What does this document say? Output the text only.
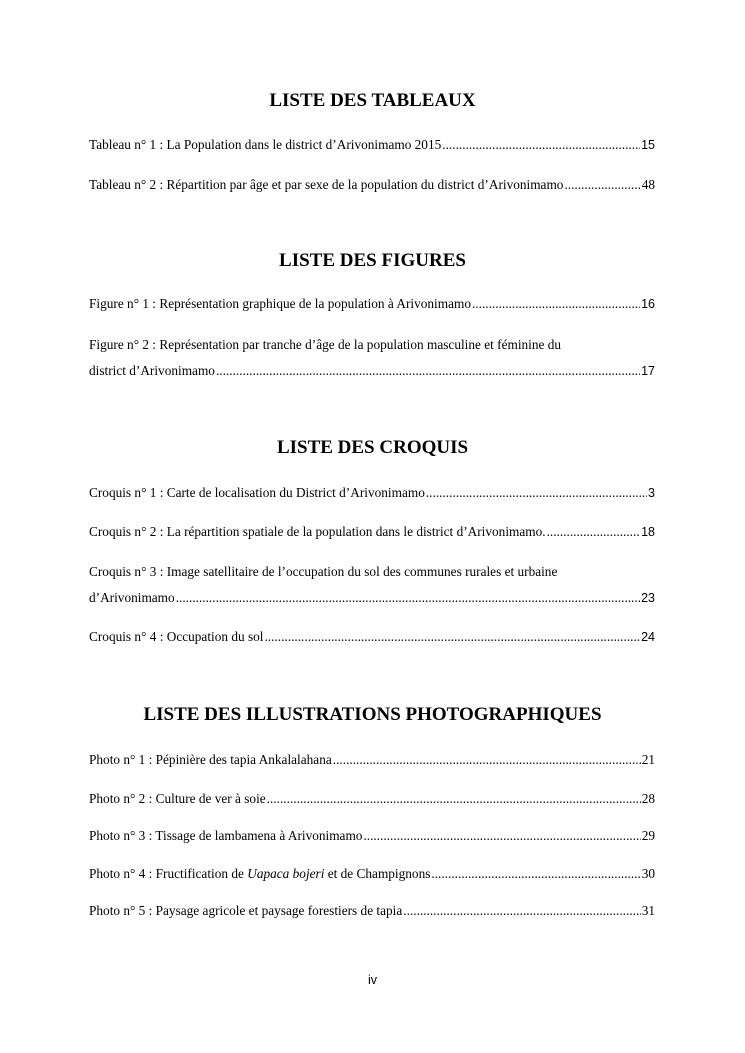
LISTE DES TABLEAUX
Tableau n° 1 : La Population dans le district d’Arivonimamo 2015 .....	15
Tableau n° 2 : Répartition par âge et par sexe de la population du district d’Arivonimamo .....	48
LISTE DES FIGURES
Figure n° 1 : Représentation graphique de la population à Arivonimamo .....	16
Figure n° 2 : Représentation par tranche d’âge de la population masculine et féminine du
district d’Arivonimamo .....	17
LISTE DES CROQUIS
Croquis n° 1 : Carte de localisation du District d’Arivonimamo .....	3
Croquis n° 2 : La répartition spatiale de la population dans le district d’Arivonimamo. .....	18
Croquis n° 3 : Image satellitaire de l’occupation du sol des communes rurales et urbaine
d’Arivonimamo .....	23
Croquis n° 4 : Occupation du sol .....	24
LISTE DES ILLUSTRATIONS PHOTOGRAPHIQUES
Photo n° 1 : Pépinière des tapia Ankalalahana .....	21
Photo n° 2 : Culture de ver à soie .....	28
Photo n° 3 : Tissage de lambamena à Arivonimamo .....	29
Photo n° 4 : Fructification de Uapaca bojeri et de Champignons .....	30
Photo n° 5 : Paysage agricole et paysage forestiers de tapia .....	31
iv
